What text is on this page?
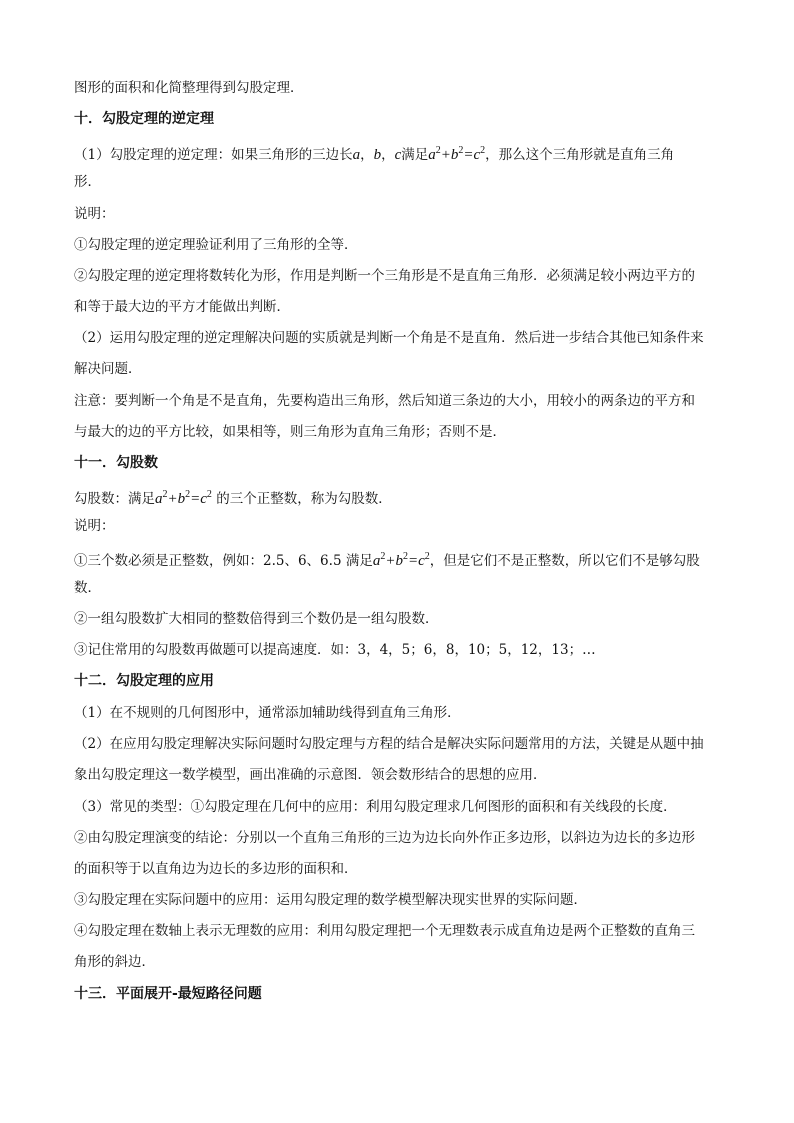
图形的面积和化简整理得到勾股定理．
十．勾股定理的逆定理
（1）勾股定理的逆定理：如果三角形的三边长a，b，c满足$a^2+b^2=c^2$，那么这个三角形就是直角三角
形．
说明：
①勾股定理的逆定理验证利用了三角形的全等．
②勾股定理的逆定理将数转化为形，作用是判断一个三角形是不是直角三角形．必须满足较小两边平方的
和等于最大边的平方才能做出判断．
（2）运用勾股定理的逆定理解决问题的实质就是判断一个角是不是直角．然后进一步结合其他已知条件来
解决问题．
注意：要判断一个角是不是直角，先要构造出三角形，然后知道三条边的大小，用较小的两条边的平方和
与最大的边的平方比较，如果相等，则三角形为直角三角形；否则不是．
十一．勾股数
勾股数：满足$a^2+b^2=c^2$ 的三个正整数，称为勾股数．
说明：
①三个数必须是正整数，例如：2.5、6、6.5 满足$a^2+b^2=c^2$，但是它们不是正整数，所以它们不是够勾股
数．
②一组勾股数扩大相同的整数倍得到三个数仍是一组勾股数．
③记住常用的勾股数再做题可以提高速度．如：3，4，5；6，8，10；5，12，13；…
十二．勾股定理的应用
（1）在不规则的几何图形中，通常添加辅助线得到直角三角形．
（2）在应用勾股定理解决实际问题时勾股定理与方程的结合是解决实际问题常用的方法，关键是从题中抽
象出勾股定理这一数学模型，画出准确的示意图．领会数形结合的思想的应用．
（3）常见的类型：①勾股定理在几何中的应用：利用勾股定理求几何图形的面积和有关线段的长度．
②由勾股定理演变的结论：分别以一个直角三角形的三边为边长向外作正多边形，以斜边为边长的多边形
的面积等于以直角边为边长的多边形的面积和．
③勾股定理在实际问题中的应用：运用勾股定理的数学模型解决现实世界的实际问题．
④勾股定理在数轴上表示无理数的应用：利用勾股定理把一个无理数表示成直角边是两个正整数的直角三
角形的斜边．
十三．平面展开-最短路径问题
